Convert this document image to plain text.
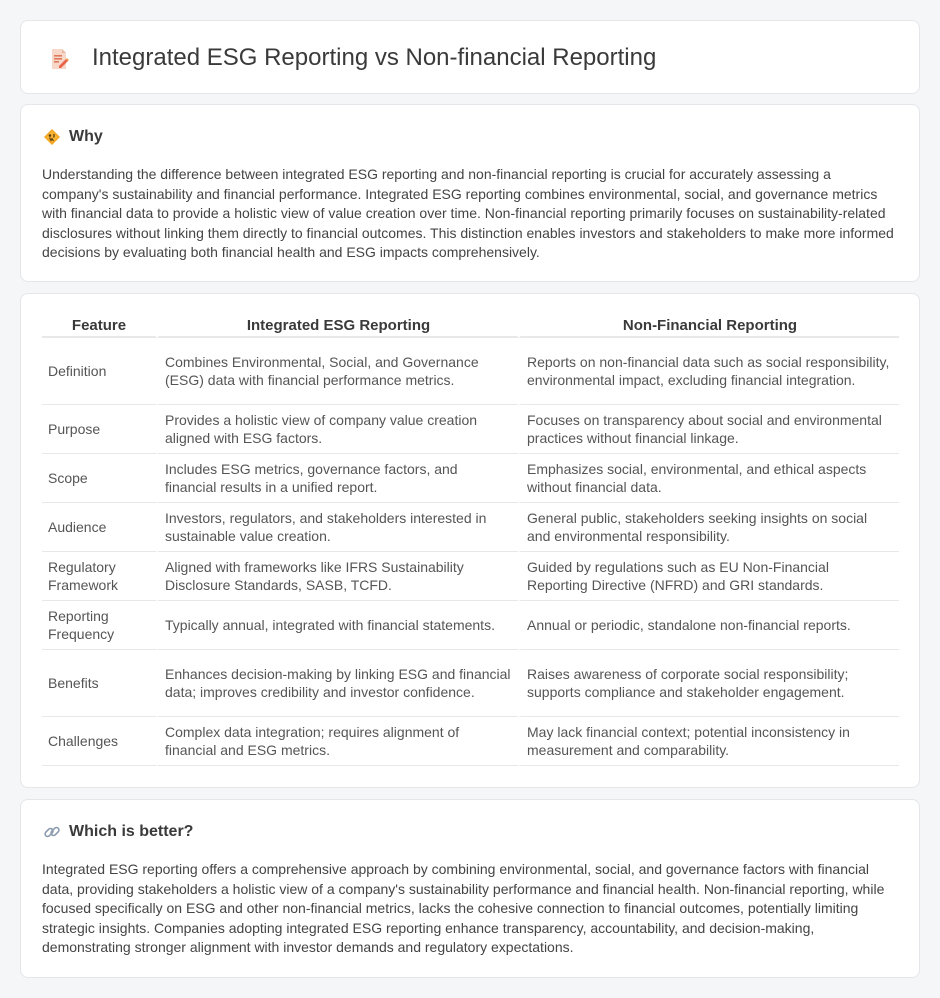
Integrated ESG Reporting vs Non-financial Reporting
Why

Understanding the difference between integrated ESG reporting and non-financial reporting is crucial for accurately assessing a company's sustainability and financial performance. Integrated ESG reporting combines environmental, social, and governance metrics with financial data to provide a holistic view of value creation over time. Non-financial reporting primarily focuses on sustainability-related disclosures without linking them directly to financial outcomes. This distinction enables investors and stakeholders to make more informed decisions by evaluating both financial health and ESG impacts comprehensively.

Feature	Integrated ESG Reporting	Non-Financial Reporting
Definition	Combines Environmental, Social, and Governance (ESG) data with financial performance metrics.	Reports on non-financial data such as social responsibility, environmental impact, excluding financial integration.
Purpose	Provides a holistic view of company value creation aligned with ESG factors.	Focuses on transparency about social and environmental practices without financial linkage.
Scope	Includes ESG metrics, governance factors, and financial results in a unified report.	Emphasizes social, environmental, and ethical aspects without financial data.
Audience	Investors, regulators, and stakeholders interested in sustainable value creation.	General public, stakeholders seeking insights on social and environmental responsibility.
Regulatory Framework	Aligned with frameworks like IFRS Sustainability Disclosure Standards, SASB, TCFD.	Guided by regulations such as EU Non-Financial Reporting Directive (NFRD) and GRI standards.
Reporting Frequency	Typically annual, integrated with financial statements.	Annual or periodic, standalone non-financial reports.
Benefits	Enhances decision-making by linking ESG and financial data; improves credibility and investor confidence.	Raises awareness of corporate social responsibility; supports compliance and stakeholder engagement.
Challenges	Complex data integration; requires alignment of financial and ESG metrics.	May lack financial context; potential inconsistency in measurement and comparability.
Which is better?

Integrated ESG reporting offers a comprehensive approach by combining environmental, social, and governance factors with financial data, providing stakeholders a holistic view of a company's sustainability performance and financial health. Non-financial reporting, while focused specifically on ESG and other non-financial metrics, lacks the cohesive connection to financial outcomes, potentially limiting strategic insights. Companies adopting integrated ESG reporting enhance transparency, accountability, and decision-making, demonstrating stronger alignment with investor demands and regulatory expectations.
